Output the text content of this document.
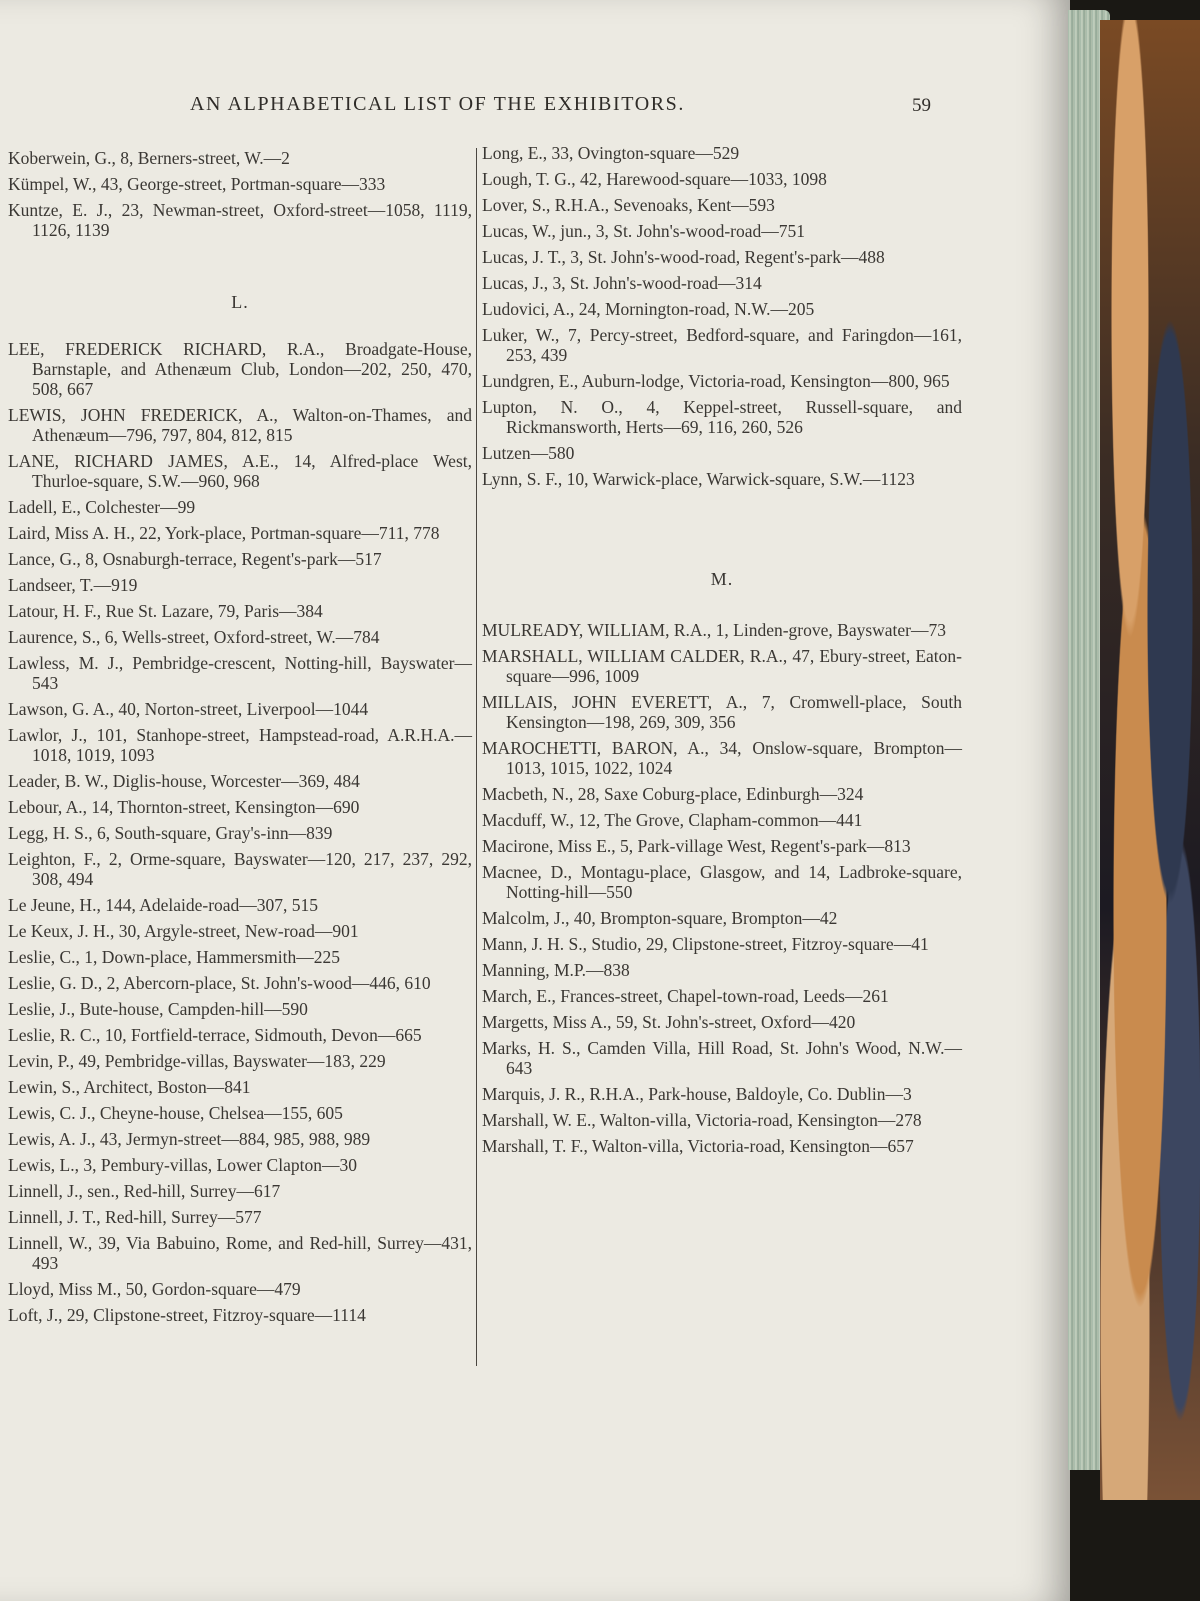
AN ALPHABETICAL LIST OF THE EXHIBITORS.	59
Koberwein, G., 8, Berners-street, W.—2
Kümpel, W., 43, George-street, Portman-square—333
Kuntze, E. J., 23, Newman-street, Oxford-street—1058, 1119, 1126, 1139
L.
LEE, FREDERICK RICHARD, R.A., Broadgate-House, Barnstaple, and Athenæum Club, London—202, 250, 470, 508, 667
LEWIS, JOHN FREDERICK, A., Walton-on-Thames, and Athenæum—796, 797, 804, 812, 815
LANE, RICHARD JAMES, A.E., 14, Alfred-place West, Thurloe-square, S.W.—960, 968
Ladell, E., Colchester—99
Laird, Miss A. H., 22, York-place, Portman-square—711, 778
Lance, G., 8, Osnaburgh-terrace, Regent's-park—517
Landseer, T.—919
Latour, H. F., Rue St. Lazare, 79, Paris—384
Laurence, S., 6, Wells-street, Oxford-street, W.—784
Lawless, M. J., Pembridge-crescent, Notting-hill, Bayswater—543
Lawson, G. A., 40, Norton-street, Liverpool—1044
Lawlor, J., 101, Stanhope-street, Hampstead-road, A.R.H.A.—1018, 1019, 1093
Leader, B. W., Diglis-house, Worcester—369, 484
Lebour, A., 14, Thornton-street, Kensington—690
Legg, H. S., 6, South-square, Gray's-inn—839
Leighton, F., 2, Orme-square, Bayswater—120, 217, 237, 292, 308, 494
Le Jeune, H., 144, Adelaide-road—307, 515
Le Keux, J. H., 30, Argyle-street, New-road—901
Leslie, C., 1, Down-place, Hammersmith—225
Leslie, G. D., 2, Abercorn-place, St. John's-wood—446, 610
Leslie, J., Bute-house, Campden-hill—590
Leslie, R. C., 10, Fortfield-terrace, Sidmouth, Devon—665
Levin, P., 49, Pembridge-villas, Bayswater—183, 229
Lewin, S., Architect, Boston—841
Lewis, C. J., Cheyne-house, Chelsea—155, 605
Lewis, A. J., 43, Jermyn-street—884, 985, 988, 989
Lewis, L., 3, Pembury-villas, Lower Clapton—30
Linnell, J., sen., Red-hill, Surrey—617
Linnell, J. T., Red-hill, Surrey—577
Linnell, W., 39, Via Babuino, Rome, and Red-hill, Surrey—431, 493
Lloyd, Miss M., 50, Gordon-square—479
Loft, J., 29, Clipstone-street, Fitzroy-square—1114
Long, E., 33, Ovington-square—529
Lough, T. G., 42, Harewood-square—1033, 1098
Lover, S., R.H.A., Sevenoaks, Kent—593
Lucas, W., jun., 3, St. John's-wood-road—751
Lucas, J. T., 3, St. John's-wood-road, Regent's-park—488
Lucas, J., 3, St. John's-wood-road—314
Ludovici, A., 24, Mornington-road, N.W.—205
Luker, W., 7, Percy-street, Bedford-square, and Faringdon—161, 253, 439
Lundgren, E., Auburn-lodge, Victoria-road, Kensington—800, 965
Lupton, N. O., 4, Keppel-street, Russell-square, and Rickmansworth, Herts—69, 116, 260, 526
Lutzen—580
Lynn, S. F., 10, Warwick-place, Warwick-square, S.W.—1123
M.
MULREADY, WILLIAM, R.A., 1, Linden-grove, Bayswater—73
MARSHALL, WILLIAM CALDER, R.A., 47, Ebury-street, Eaton-square—996, 1009
MILLAIS, JOHN EVERETT, A., 7, Cromwell-place, South Kensington—198, 269, 309, 356
MAROCHETTI, BARON, A., 34, Onslow-square, Brompton—1013, 1015, 1022, 1024
Macbeth, N., 28, Saxe Coburg-place, Edinburgh—324
Macduff, W., 12, The Grove, Clapham-common—441
Macirone, Miss E., 5, Park-village West, Regent's-park—813
Macnee, D., Montagu-place, Glasgow, and 14, Ladbroke-square, Notting-hill—550
Malcolm, J., 40, Brompton-square, Brompton—42
Mann, J. H. S., Studio, 29, Clipstone-street, Fitzroy-square—41
Manning, M.P.—838
March, E., Frances-street, Chapel-town-road, Leeds—261
Margetts, Miss A., 59, St. John's-street, Oxford—420
Marks, H. S., Camden Villa, Hill Road, St. John's Wood, N.W.—643
Marquis, J. R., R.H.A., Park-house, Baldoyle, Co. Dublin—3
Marshall, W. E., Walton-villa, Victoria-road, Kensington—278
Marshall, T. F., Walton-villa, Victoria-road, Kensington—657
